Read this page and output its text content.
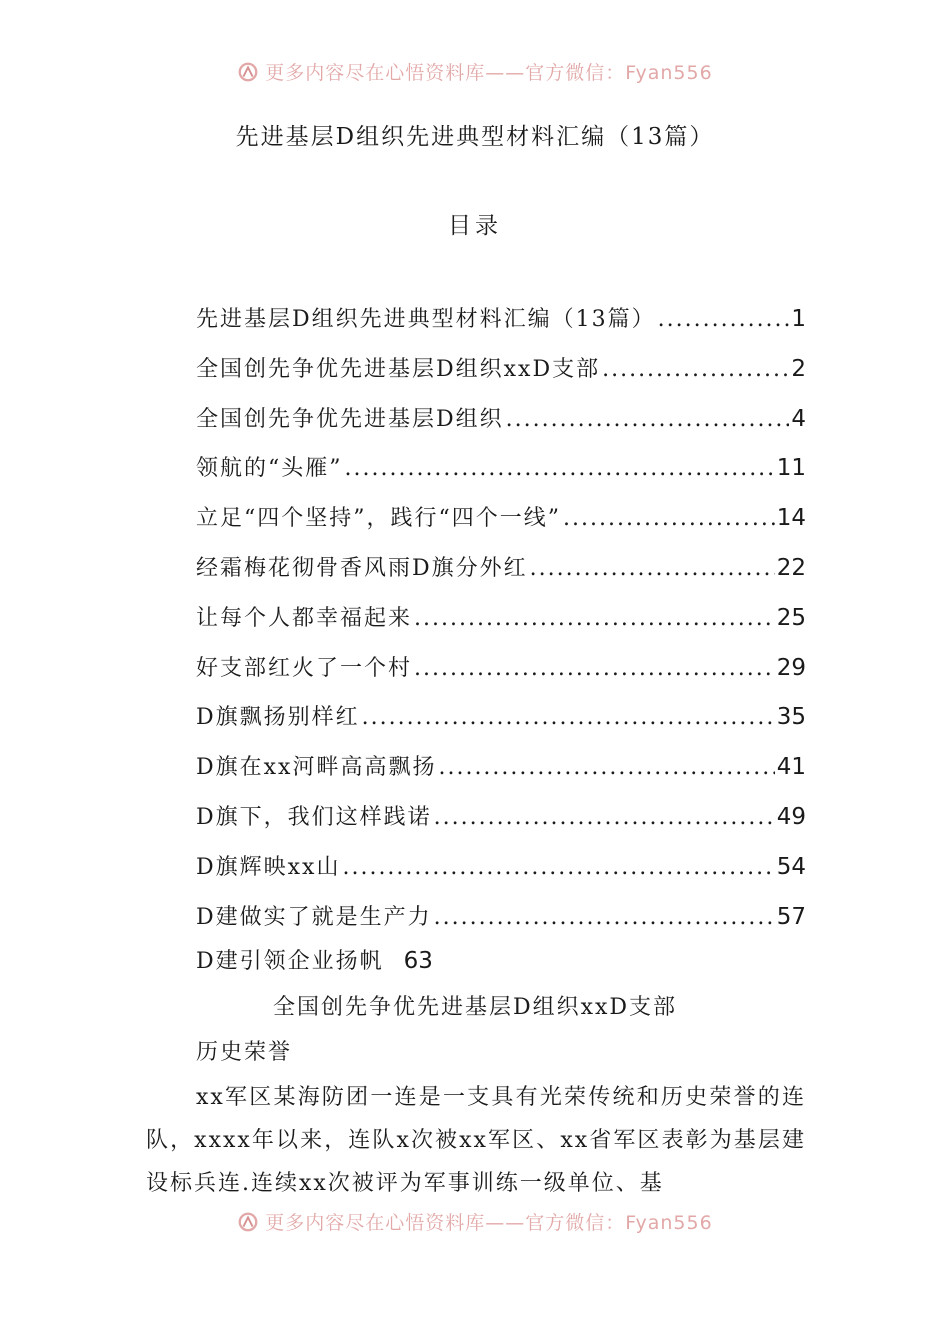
更多内容尽在心悟资料库——官方微信：Fyan556
先进基层D组织先进典型材料汇编（13篇）
目录
先进基层D组织先进典型材料汇编（13篇） .....	1
全国创先争优先进基层D组织xxD支部 .....	2
全国创先争优先进基层D组织 .....	4
领航的“头雁” .....	11
立足“四个坚持”，践行“四个一线” .....	14
经霜梅花彻骨香风雨D旗分外红 .....	22
让每个人都幸福起来 .....	25
好支部红火了一个村 .....	29
D旗飘扬别样红 .....	35
D旗在xx河畔高高飘扬 .....	41
D旗下，我们这样践诺 .....	49
D旗辉映xx山 .....	54
D建做实了就是生产力 .....	57
D建引领企业扬帆 63
全国创先争优先进基层D组织xxD支部
历史荣誉

xx军区某海防团一连是一支具有光荣传统和历史荣誉的连队，xxxx年以来，连队x次被xx军区、xx省军区表彰为基层建设标兵连.连续xx次被评为军事训练一级单位、基

更多内容尽在心悟资料库——官方微信：Fyan556
